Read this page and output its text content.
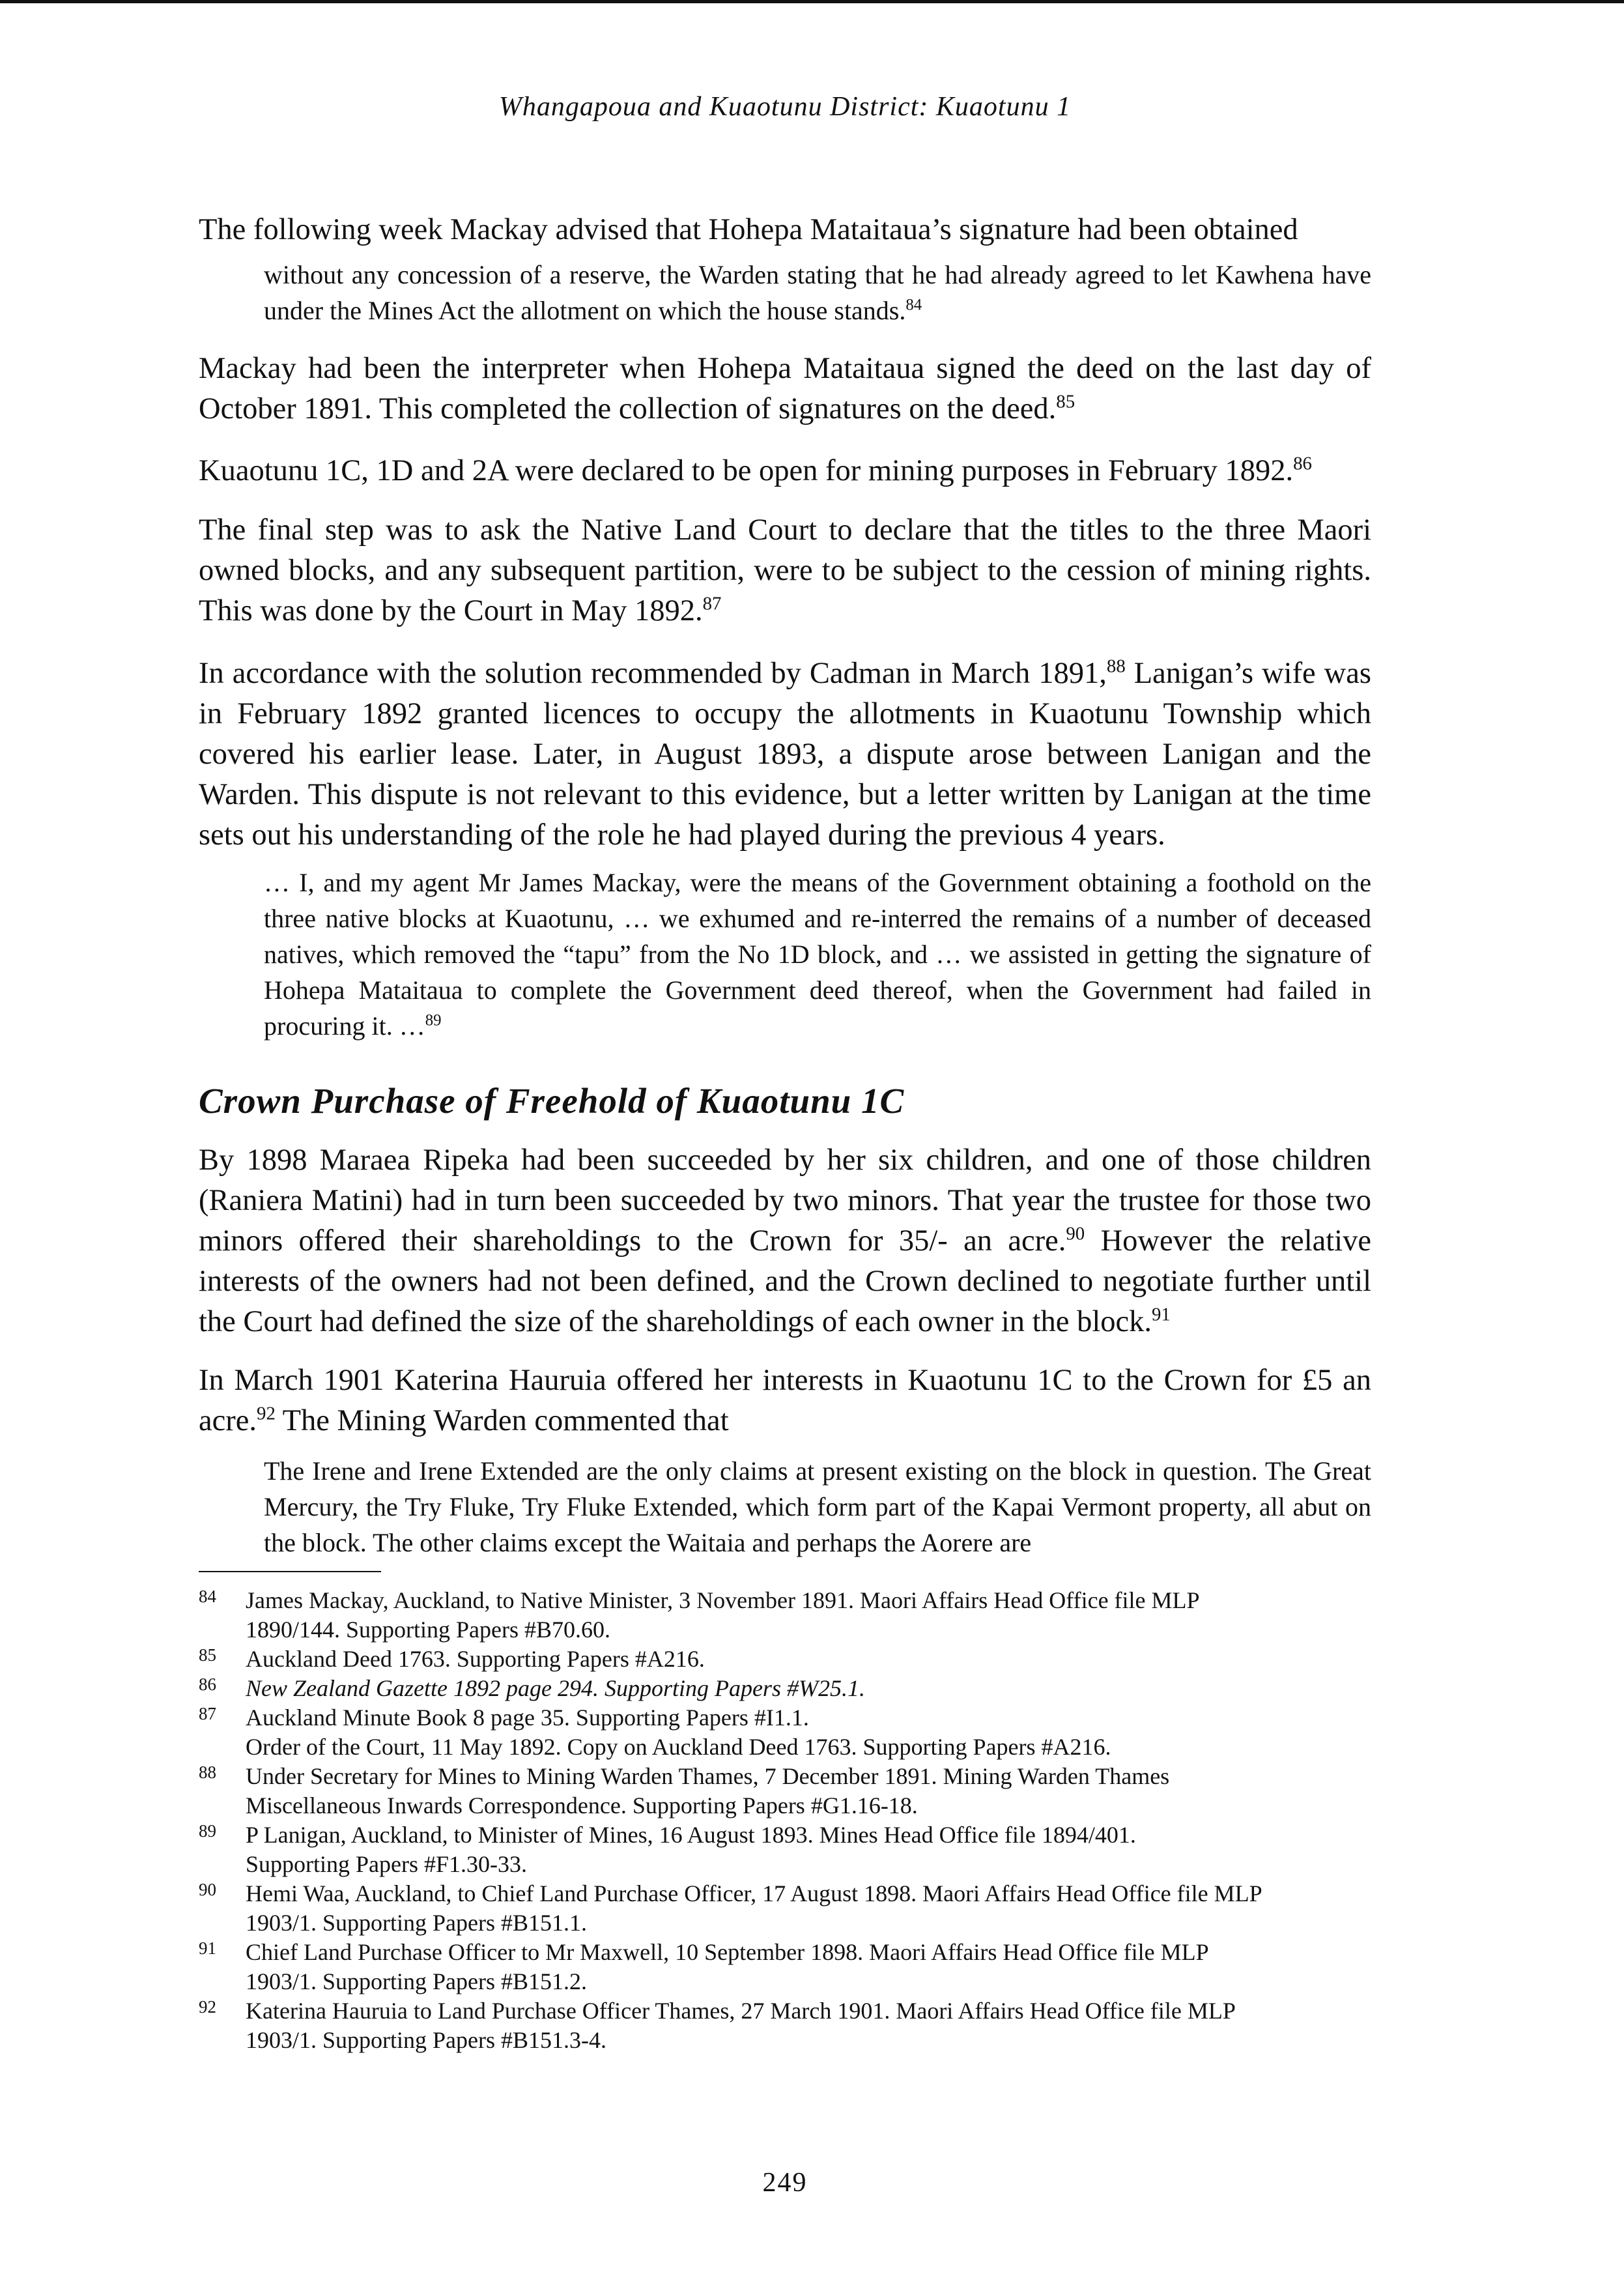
Whangapoua and Kuaotunu District: Kuaotunu 1

The following week Mackay advised that Hohepa Mataitaua’s signature had been obtained

without any concession of a reserve, the Warden stating that he had already agreed to let Kawhena have under the Mines Act the allotment on which the house stands.$^{84}$

Mackay had been the interpreter when Hohepa Mataitaua signed the deed on the last day of October 1891. This completed the collection of signatures on the deed.$^{85}$

Kuaotunu 1C, 1D and 2A were declared to be open for mining purposes in February 1892.86

The final step was to ask the Native Land Court to declare that the titles to the three Maori owned blocks, and any subsequent partition, were to be subject to the cession of mining rights. This was done by the Court in May 1892.87

In accordance with the solution recommended by Cadman in March 1891,88 Lanigan’s wife was in February 1892 granted licences to occupy the allotments in Kuaotunu Township which covered his earlier lease. Later, in August 1893, a dispute arose between Lanigan and the Warden. This dispute is not relevant to this evidence, but a letter written by Lanigan at the time sets out his understanding of the role he had played during the previous 4 years.

… I, and my agent Mr James Mackay, were the means of the Government obtaining a foothold on the three native blocks at Kuaotunu, … we exhumed and re-interred the remains of a number of deceased natives, which removed the “tapu” from the No 1D block, and … we assisted in getting the signature of Hohepa Mataitaua to complete the Government deed thereof, when the Government had failed in procuring it. …$^{89}$

Crown Purchase of Freehold of Kuaotunu 1C

By 1898 Maraea Ripeka had been succeeded by her six children, and one of those children (Raniera Matini) had in turn been succeeded by two minors. That year the trustee for those two minors offered their shareholdings to the Crown for 35/- an acre.$^{90}$ However the relative interests of the owners had not been defined, and the Crown declined to negotiate further until the Court had defined the size of the shareholdings of each owner in the block.$^{91}$

In March 1901 Katerina Hauruia offered her interests in Kuaotunu 1C to the Crown for £5 an acre.$^{92}$ The Mining Warden commented that

The Irene and Irene Extended are the only claims at present existing on the block in question. The Great Mercury, the Try Fluke, Try Fluke Extended, which form part of the Kapai Vermont property, all abut on the block. The other claims except the Waitaia and perhaps the Aorere are

84 James Mackay, Auckland, to Native Minister, 3 November 1891. Maori Affairs Head Office file MLP
1890/144. Supporting Papers #B70.60.
85 Auckland Deed 1763. Supporting Papers #A216.
86 New Zealand Gazette 1892 page 294. Supporting Papers #W25.1.
87 Auckland Minute Book 8 page 35. Supporting Papers #I1.1.
Order of the Court, 11 May 1892. Copy on Auckland Deed 1763. Supporting Papers #A216.
88 Under Secretary for Mines to Mining Warden Thames, 7 December 1891. Mining Warden Thames
Miscellaneous Inwards Correspondence. Supporting Papers #G1.16-18.
89 P Lanigan, Auckland, to Minister of Mines, 16 August 1893. Mines Head Office file 1894/401.
Supporting Papers #F1.30-33.
90 Hemi Waa, Auckland, to Chief Land Purchase Officer, 17 August 1898. Maori Affairs Head Office file MLP
1903/1. Supporting Papers #B151.1.
91 Chief Land Purchase Officer to Mr Maxwell, 10 September 1898. Maori Affairs Head Office file MLP
1903/1. Supporting Papers #B151.2.
92 Katerina Hauruia to Land Purchase Officer Thames, 27 March 1901. Maori Affairs Head Office file MLP
1903/1. Supporting Papers #B151.3-4.
249
